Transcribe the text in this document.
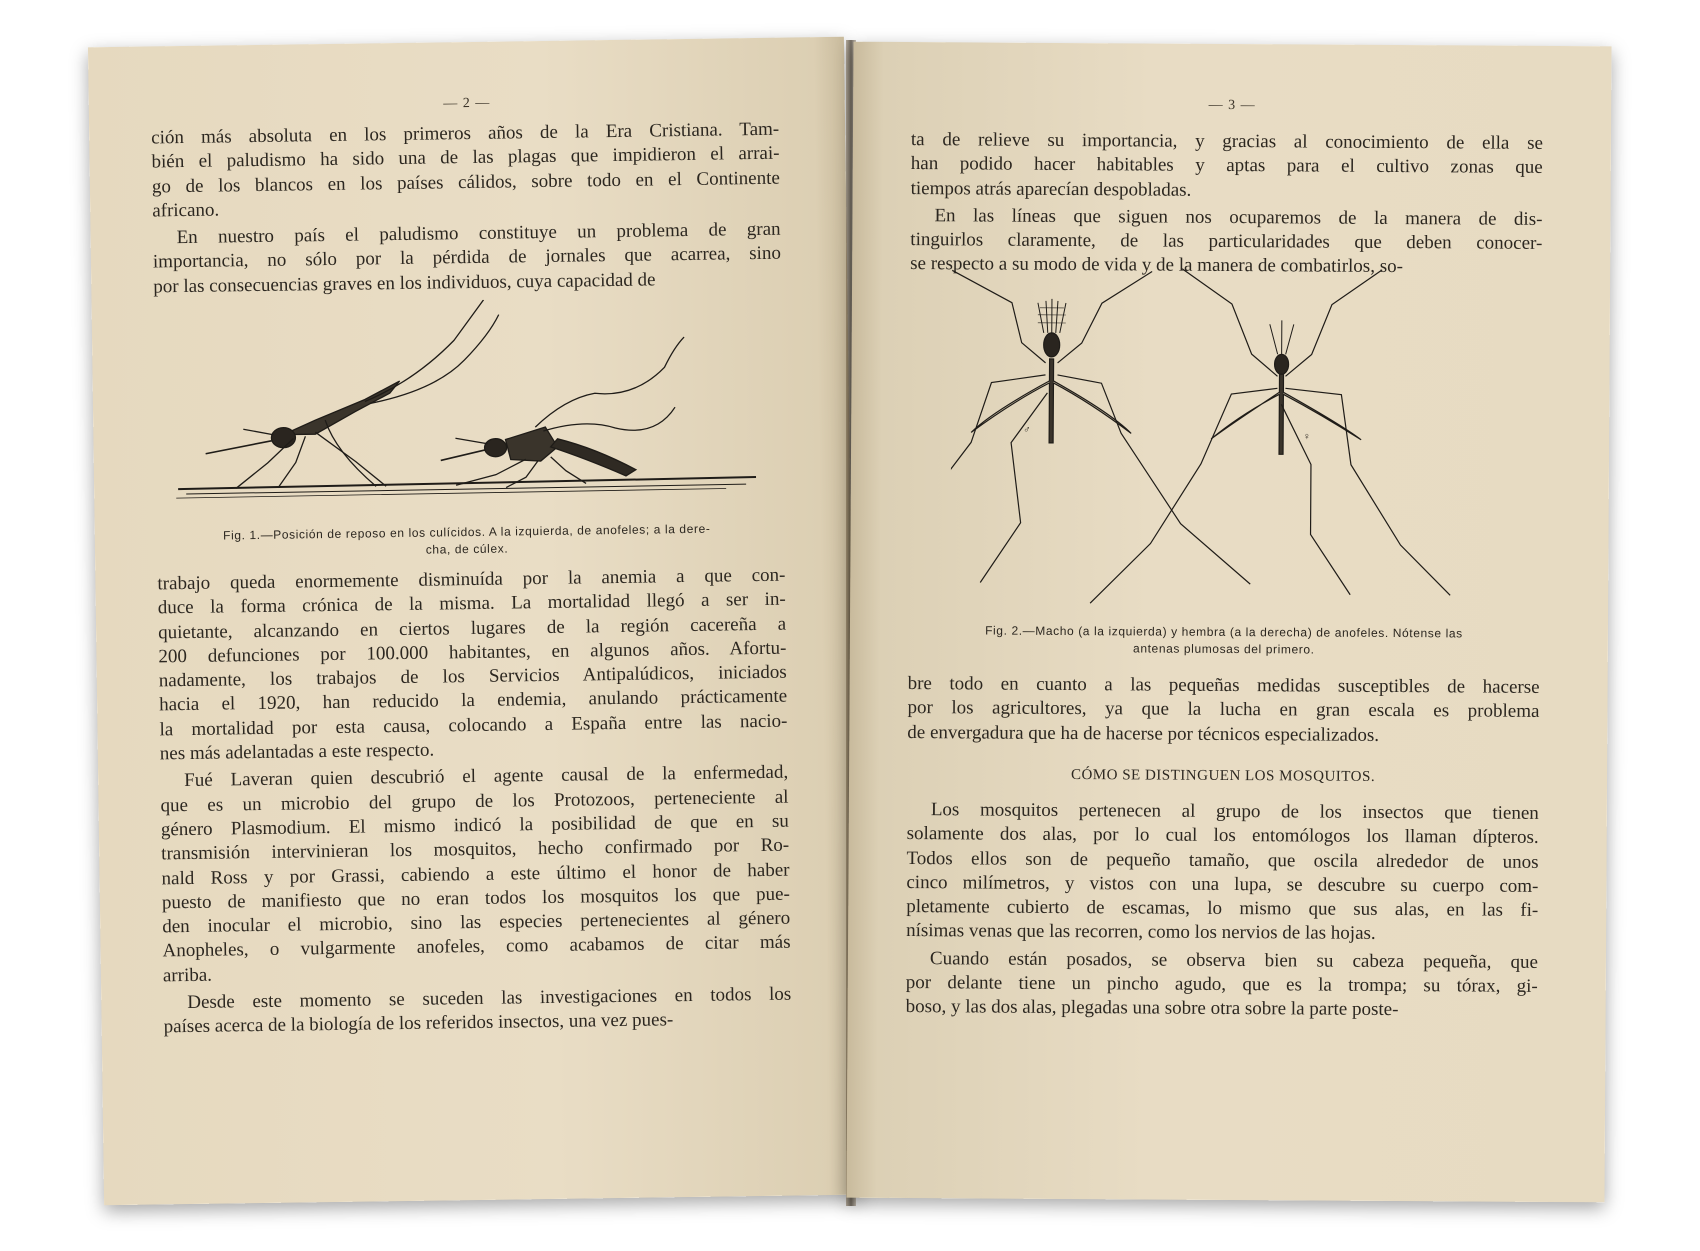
— 2 —
ción más absoluta en los primeros años de la Era Cristiana. Tam-
bién el paludismo ha sido una de las plagas que impidieron el arrai-
go de los blancos en los países cálidos, sobre todo en el Continente
africano.
En nuestro país el paludismo constituye un problema de gran
importancia, no sólo por la pérdida de jornales que acarrea, sino
por las consecuencias graves en los individuos, cuya capacidad de
Fig. 1.—Posición de reposo en los culícidos. A la izquierda, de anofeles; a la dere-
cha, de cúlex.
trabajo queda enormemente disminuída por la anemia a que con-
duce la forma crónica de la misma. La mortalidad llegó a ser in-
quietante, alcanzando en ciertos lugares de la región cacereña a
200 defunciones por 100.000 habitantes, en algunos años. Afortu-
nadamente, los trabajos de los Servicios Antipalúdicos, iniciados
hacia el 1920, han reducido la endemia, anulando prácticamente
la mortalidad por esta causa, colocando a España entre las nacio-
nes más adelantadas a este respecto.
Fué Laveran quien descubrió el agente causal de la enfermedad,
que es un microbio del grupo de los Protozoos, perteneciente al
género Plasmodium. El mismo indicó la posibilidad de que en su
transmisión intervinieran los mosquitos, hecho confirmado por Ro-
nald Ross y por Grassi, cabiendo a este último el honor de haber
puesto de manifiesto que no eran todos los mosquitos los que pue-
den inocular el microbio, sino las especies pertenecientes al género
Anopheles, o vulgarmente anofeles, como acabamos de citar más
arriba.
Desde este momento se suceden las investigaciones en todos los
países acerca de la biología de los referidos insectos, una vez pues-
— 3 —
ta de relieve su importancia, y gracias al conocimiento de ella se
han podido hacer habitables y aptas para el cultivo zonas que
tiempos atrás aparecían despobladas.
En las líneas que siguen nos ocuparemos de la manera de dis-
tinguirlos claramente, de las particularidades que deben conocer-
se respecto a su modo de vida y de la manera de combatirlos, so-
♂
♀
Fig. 2.—Macho (a la izquierda) y hembra (a la derecha) de anofeles. Nótense las
antenas plumosas del primero.
bre todo en cuanto a las pequeñas medidas susceptibles de hacerse
por los agricultores, ya que la lucha en gran escala es problema
de envergadura que ha de hacerse por técnicos especializados.
CÓMO SE DISTINGUEN LOS MOSQUITOS.
Los mosquitos pertenecen al grupo de los insectos que tienen
solamente dos alas, por lo cual los entomólogos los llaman dípteros.
Todos ellos son de pequeño tamaño, que oscila alrededor de unos
cinco milímetros, y vistos con una lupa, se descubre su cuerpo com-
pletamente cubierto de escamas, lo mismo que sus alas, en las fi-
nísimas venas que las recorren, como los nervios de las hojas.
Cuando están posados, se observa bien su cabeza pequeña, que
por delante tiene un pincho agudo, que es la trompa; su tórax, gi-
boso, y las dos alas, plegadas una sobre otra sobre la parte poste-
